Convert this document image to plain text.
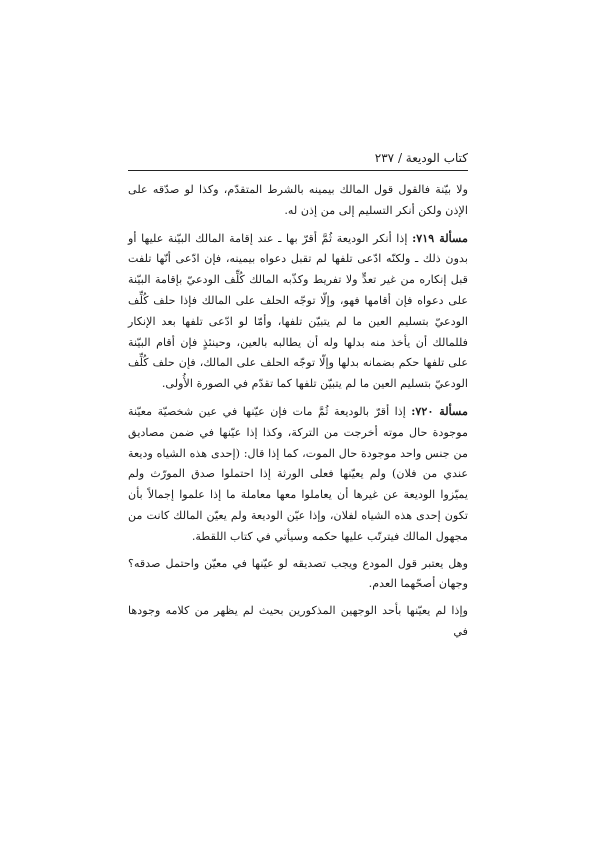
كتاب الوديعة / ٢٣٧

ولا بيّنة فالقول قول المالك بيمينه بالشرط المتقدّم، وكذا لو صدّقه على الإذن ولكن أنكر التسليم إلى من إذن له.

مسألة ٧١٩: إذا أنكر الوديعة ثُمَّ أقرّ بها ـ عند إقامة المالك البيّنة عليها أو بدون ذلك ـ ولكنّه ادّعى تلفها لم تقبل دعواه بيمينه، فإن ادّعى أنّها تلفت قبل إنكاره من غير تعدٍّ ولا تفريط وكذّبه المالك كُلِّف الودعيّ بإقامة البيّنة على دعواه فإن أقامها فهو، وإلّا توجّه الحلف على المالك فإذا حلف كُلِّف الودعيّ بتسليم العين ما لم يتبيّن تلفها، وأمّا لو ادّعى تلفها بعد الإنكار فللمالك أن يأخذ منه بدلها وله أن يطالبه بالعين، وحينئذٍ فإن أقام البيّنة على تلفها حكم بضمانه بدلها وإلّا توجّه الحلف على المالك، فإن حلف كُلِّف الودعيّ بتسليم العين ما لم يتبيّن تلفها كما تقدّم في الصورة الأُولى.

مسألة ٧٢٠: إذا أقرّ بالوديعة ثُمَّ مات فإن عيّنها في عين شخصيّة معيّنة موجودة حال موته أخرجت من التركة، وكذا إذا عيّنها في ضمن مصاديق من جنس واحد موجودة حال الموت، كما إذا قال: (إحدى هذه الشياه وديعة عندي من فلان) ولم يعيّنها فعلى الورثة إذا احتملوا صدق المورّث ولم يميّزوا الوديعة عن غيرها أن يعاملوا معها معاملة ما إذا علموا إجمالاً بأن تكون إحدى هذه الشياه لفلان، وإذا عيّن الوديعة ولم يعيّن المالك كانت من مجهول المالك فيترتّب عليها حكمه وسيأتي في كتاب اللقطة.

وهل يعتبر قول المودع ويجب تصديقه لو عيّنها في معيّن واحتمل صدقه؟ وجهان أصحّهما العدم.

وإذا لم يعيّنها بأحد الوجهين المذكورين بحيث لم يظهر من كلامه وجودها في
